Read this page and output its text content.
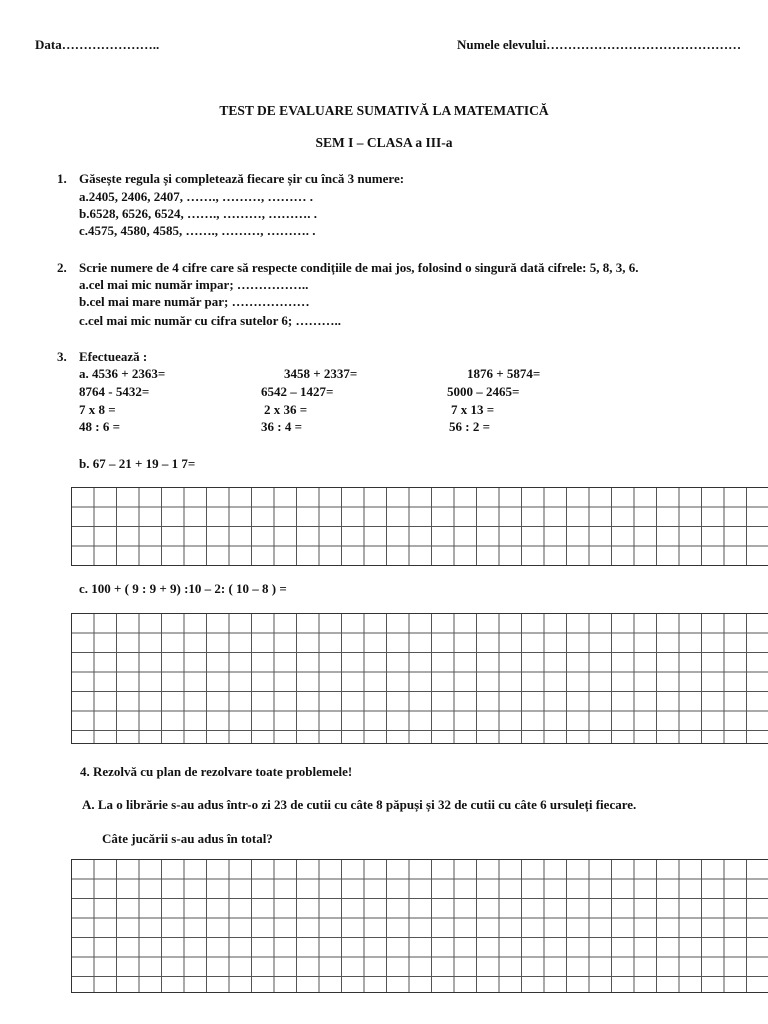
Data…………………..	Numele elevului………………………………………
TEST DE EVALUARE SUMATIVĂ LA MATEMATICĂ
SEM I – CLASA a III-a
1. Găsește regula și completează fiecare șir cu încă 3 numere:
a.2405, 2406, 2407, ……., ………, ……… .
b.6528, 6526, 6524, ……., ………, ………. .
c.4575, 4580, 4585, ……., ………, ………. .
2. Scrie numere de 4 cifre care să respecte condițiile de mai jos, folosind o singură dată cifrele: 5, 8, 3, 6.
a.cel mai mic număr impar; ……………..
b.cel mai mare număr par; ………………
c.cel mai mic număr cu cifra sutelor 6; ………..
3. Efectuează :
a. 4536 + 2363=	3458 + 2337=	1876 + 5874=
8764 - 5432=	6542 – 1427=	5000 – 2465=
7 x 8 =	2 x 36 =	7 x 13 =
48 : 6 =	36 : 4 =	56 : 2 =
b. 67 – 21 + 19 – 1 7=
c. 100 + ( 9 : 9 + 9) :10 – 2: ( 10 – 8 ) =
4. Rezolvă cu plan de rezolvare toate problemele!
A. La o librărie s-au adus într-o zi 23 de cutii cu câte 8 păpuși și 32 de cutii cu câte 6 ursuleți fiecare.
Câte jucării s-au adus în total?
